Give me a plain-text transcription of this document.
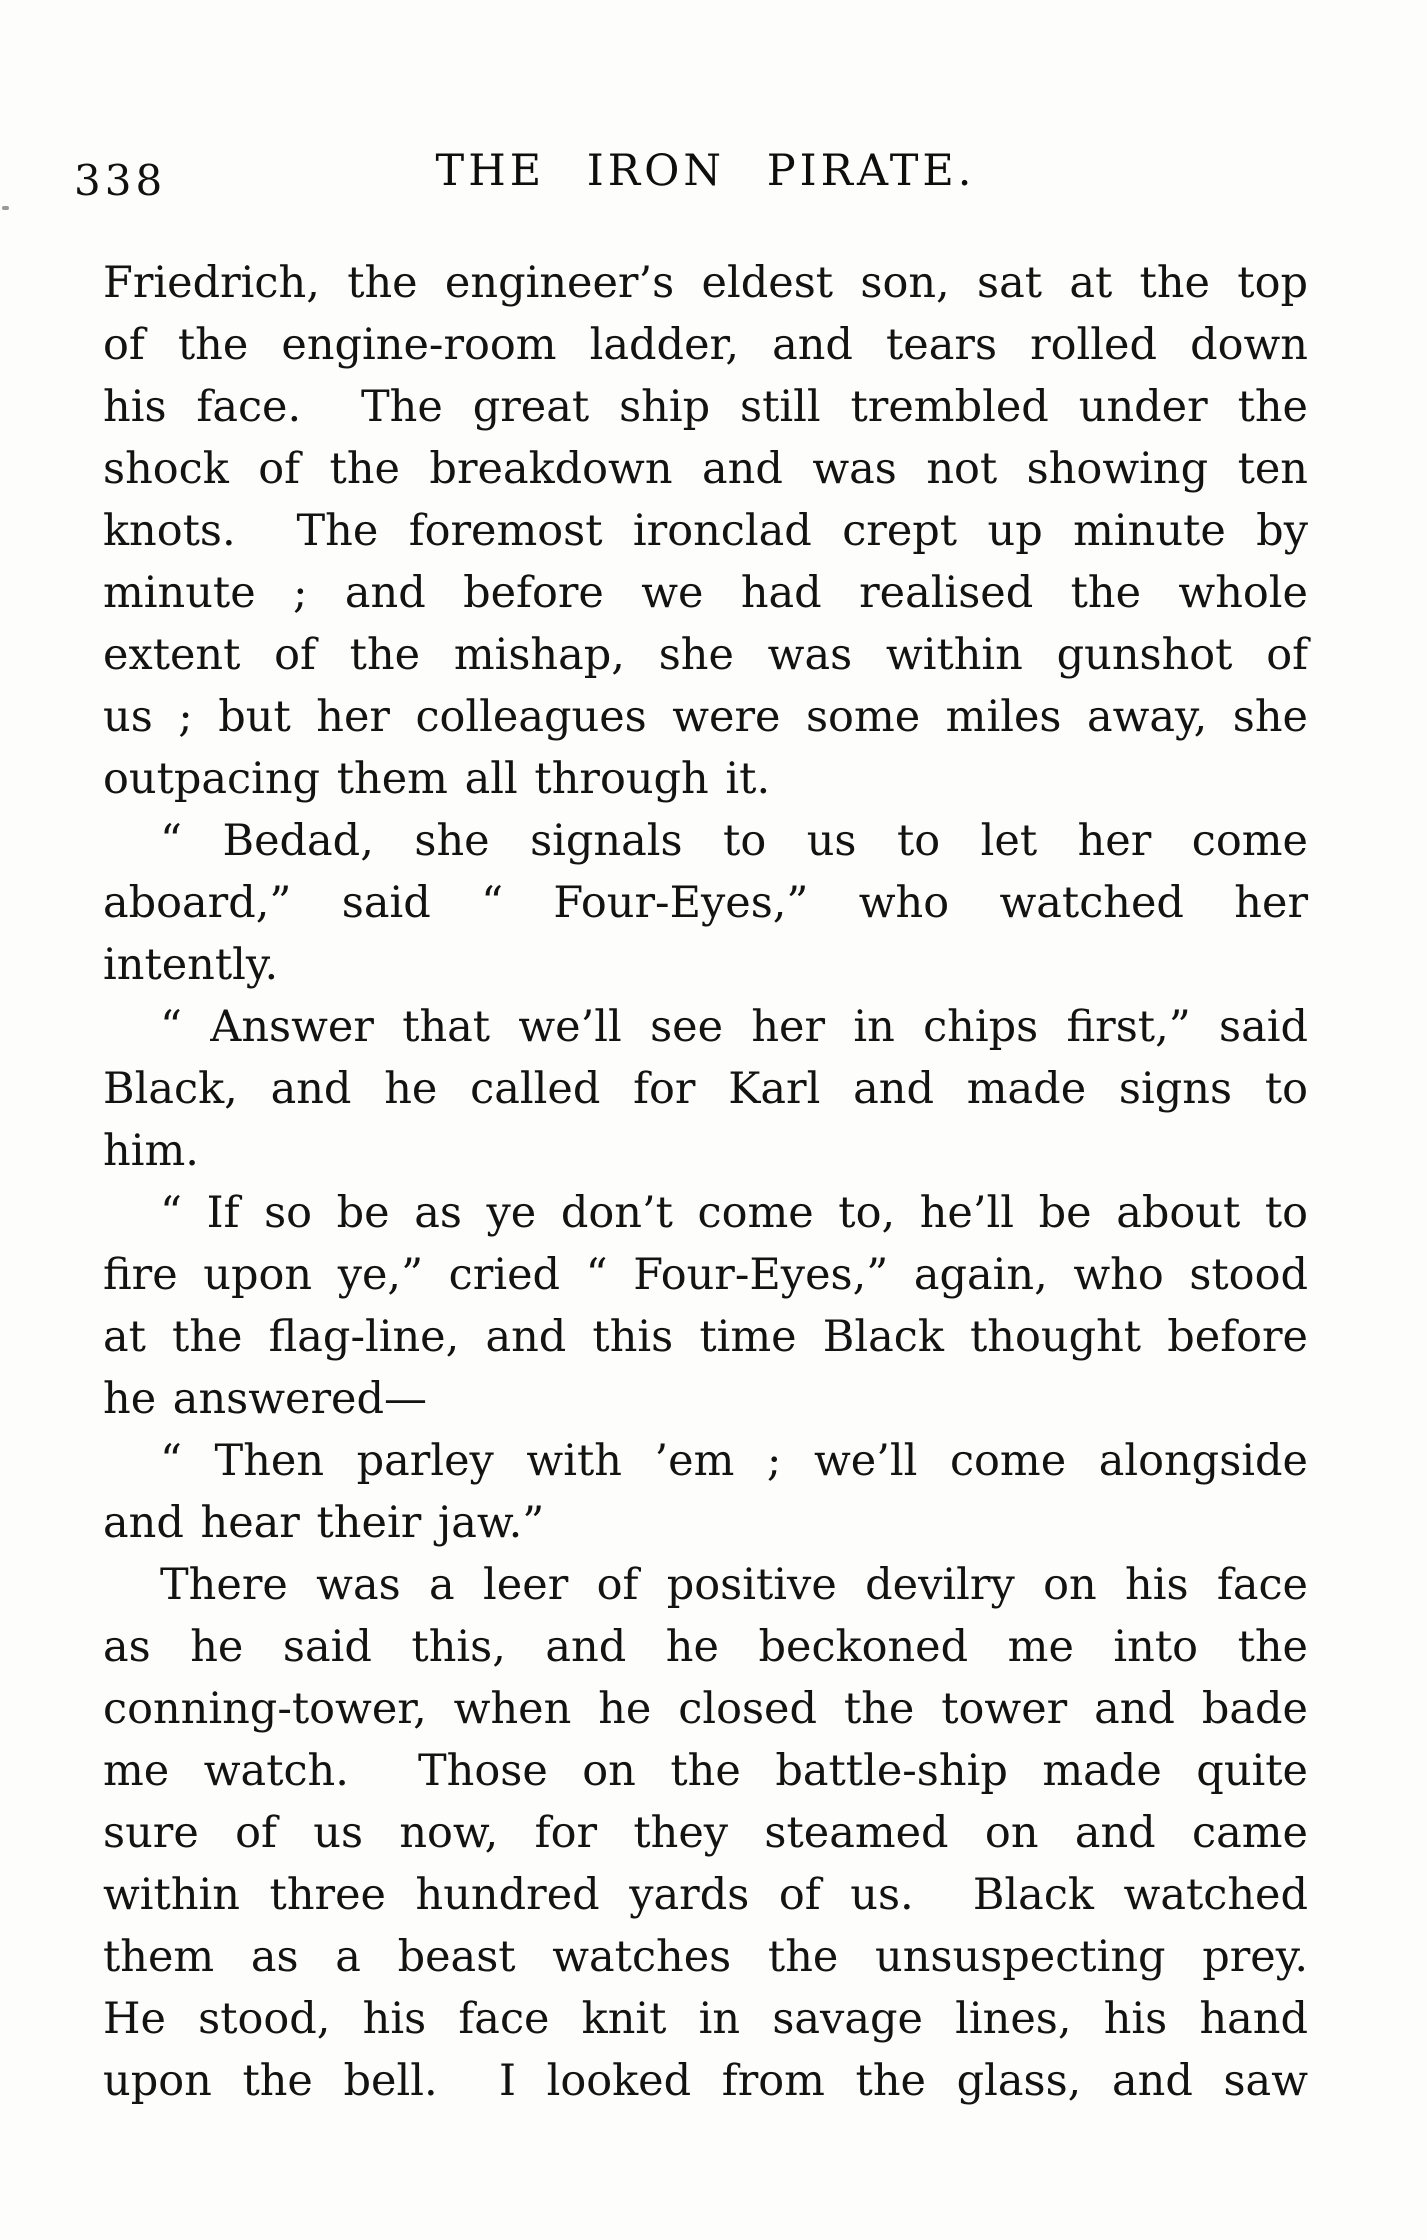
338	THE IRON PIRATE.
Friedrich, the engineer’s eldest son, sat at the top
of the engine-room ladder, and tears rolled down
his face.  The great ship still trembled under the
shock of the breakdown and was not showing ten
knots.  The foremost ironclad crept up minute by
minute ; and before we had realised the whole
extent of the mishap, she was within gunshot of
us ; but her colleagues were some miles away, she
outpacing them all through it.
“ Bedad, she signals to us to let her come
aboard,” said “ Four-Eyes,” who watched her
intently.
“ Answer that we’ll see her in chips first,” said
Black, and he called for Karl and made signs to
him.
“ If so be as ye don’t come to, he’ll be about to
fire upon ye,” cried “ Four-Eyes,” again, who stood
at the flag-line, and this time Black thought before
he answered—
“ Then parley with ’em ; we’ll come alongside
and hear their jaw.”
There was a leer of positive devilry on his face
as he said this, and he beckoned me into the
conning-tower, when he closed the tower and bade
me watch.  Those on the battle-ship made quite
sure of us now, for they steamed on and came
within three hundred yards of us.  Black watched
them as a beast watches the unsuspecting prey.
He stood, his face knit in savage lines, his hand
upon the bell.  I looked from the glass, and saw
